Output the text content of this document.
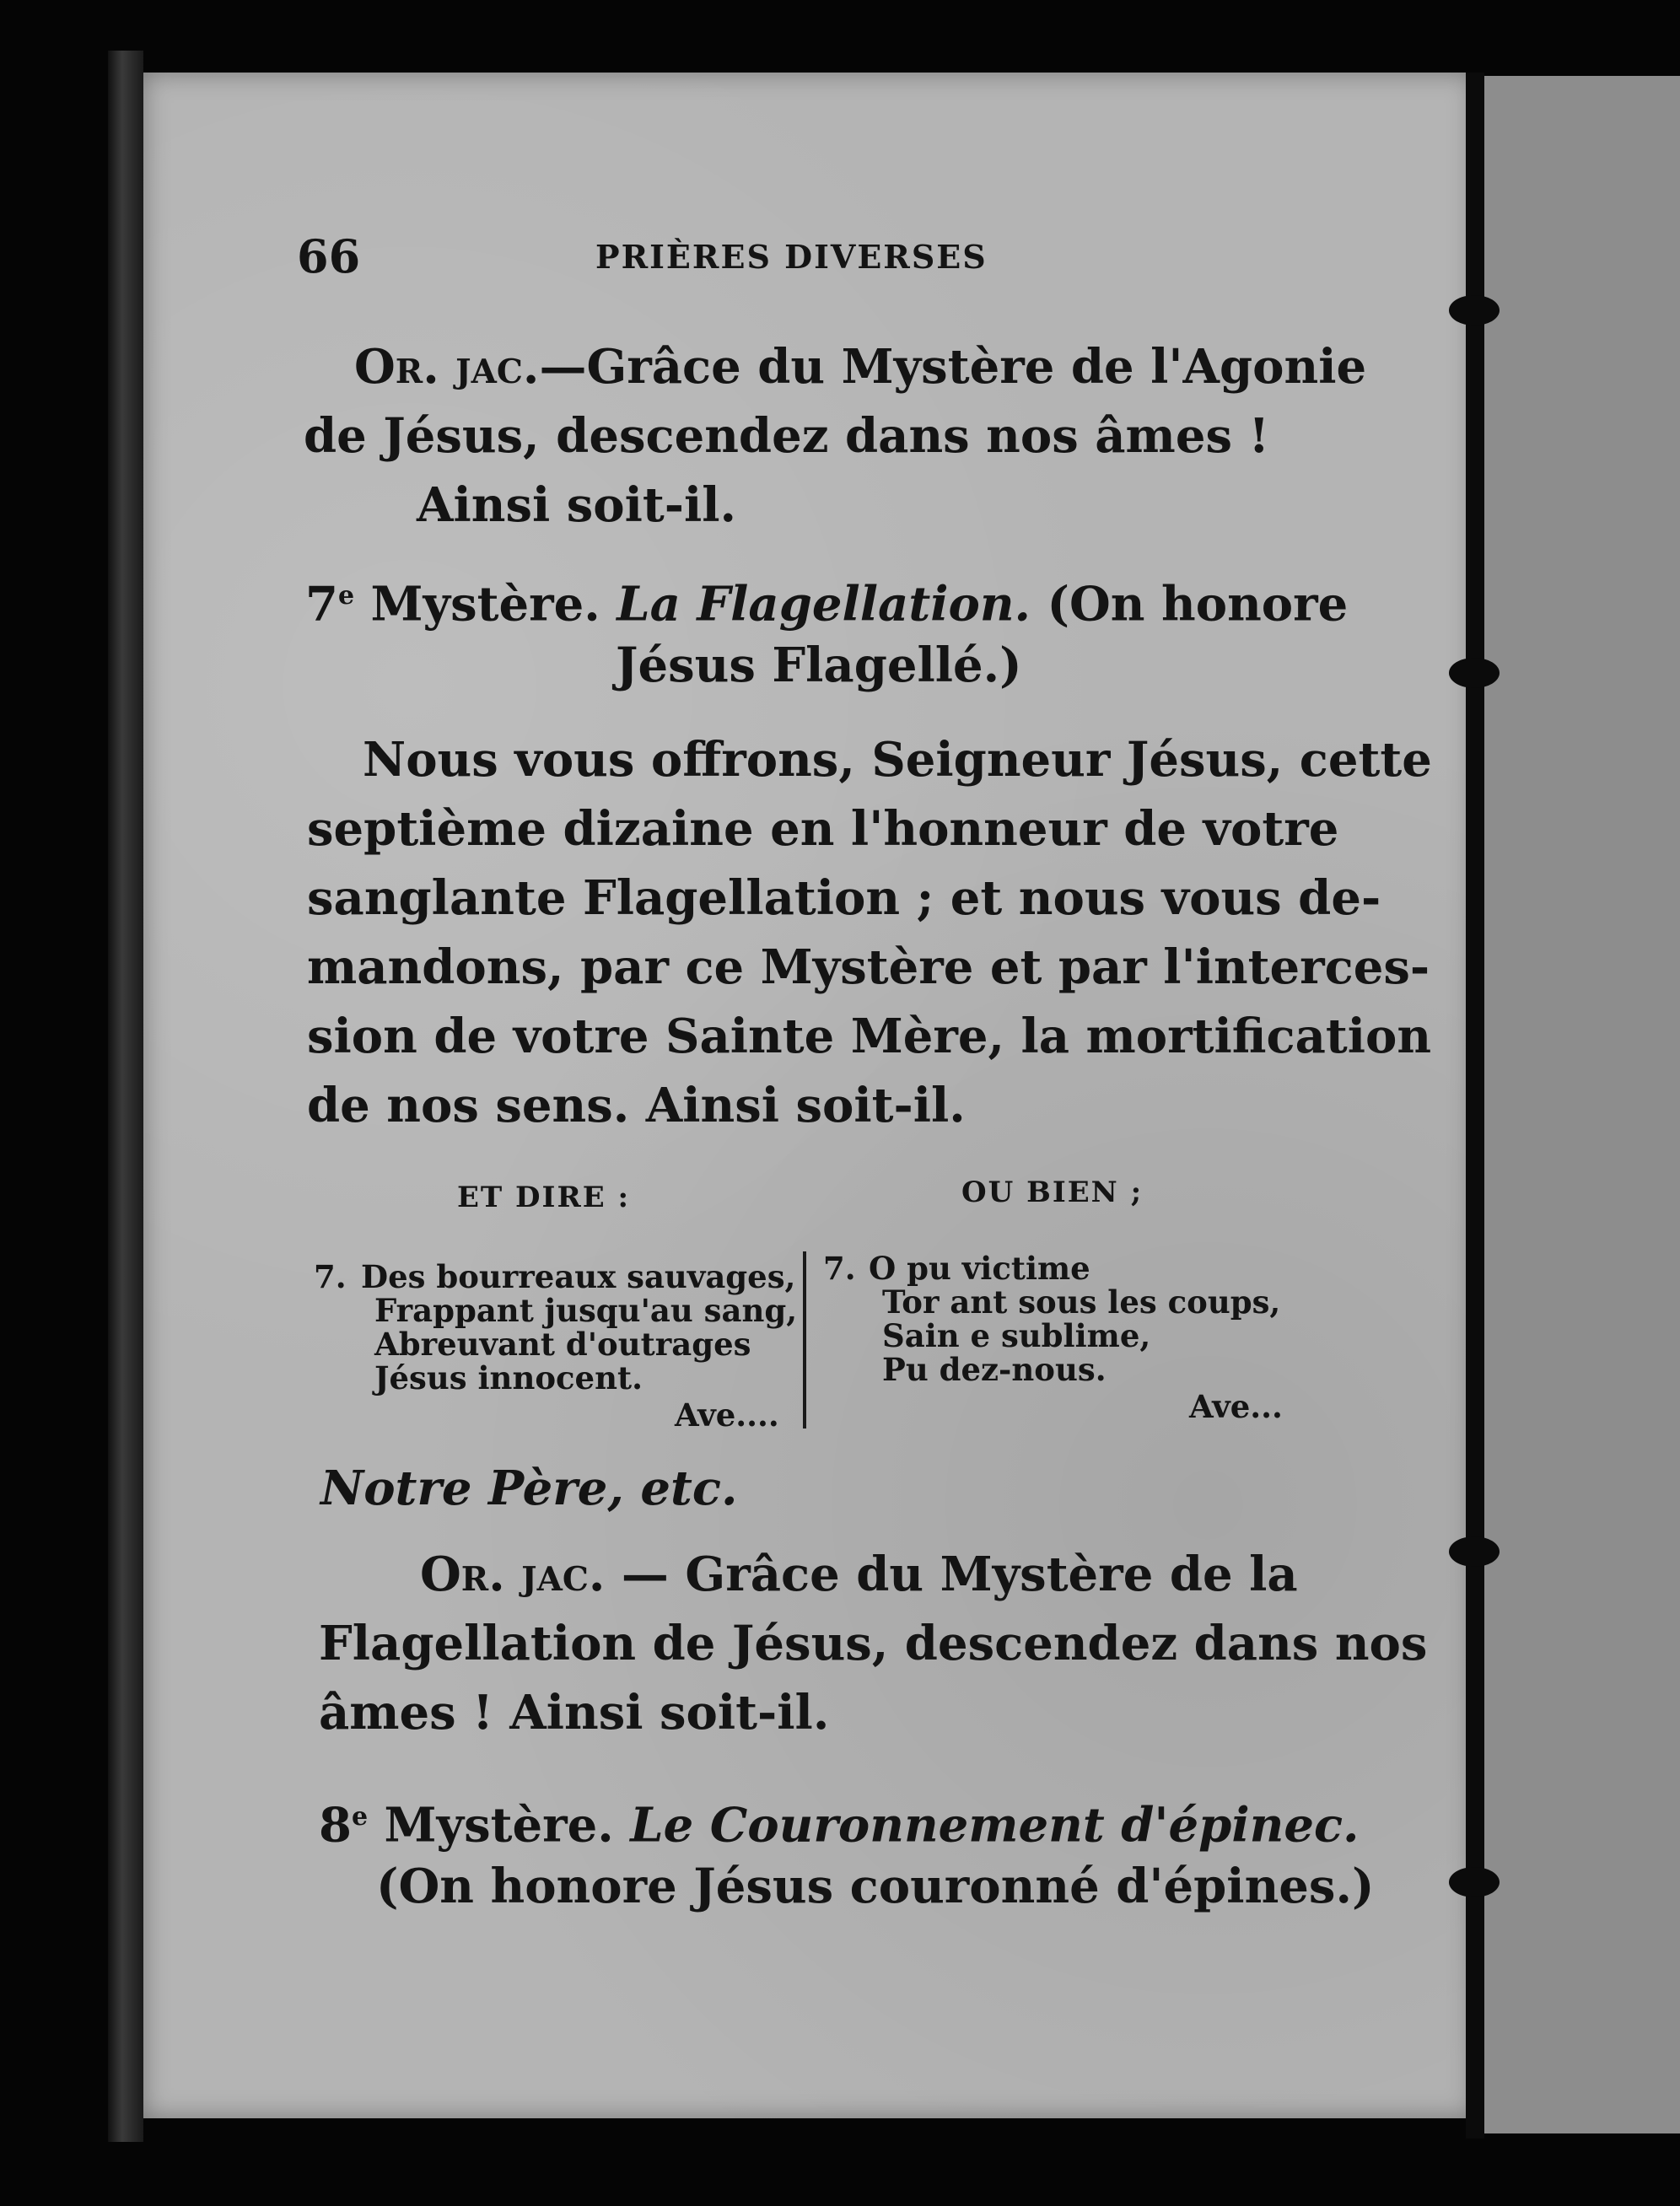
66	PRIÈRES DIVERSES
Or. jac.—Grâce du Mystère de l'Agonie
de Jésus, descendez dans nos âmes !
Ainsi soit-il.
7e Mystère. La Flagellation. (On honore
Jésus Flagellé.)
Nous vous offrons, Seigneur Jésus, cette
septième dizaine en l'honneur de votre
sanglante Flagellation ; et nous vous de-
mandons, par ce Mystère et par l'interces-
sion de votre Sainte Mère, la mortification
de nos sens. Ainsi soit-il.
ET DIRE :	OU BIEN ;
7. Des bourreaux sauvages,
Frappant jusqu'au sang,
Abreuvant d'outrages
Jésus innocent.
Ave....
7. O pu victime
Tor ant sous les coups,
Sain e sublime,
Pu dez-nous.
Ave...
Notre Père, etc.
Or. jac. — Grâce du Mystère de la
Flagellation de Jésus, descendez dans nos
âmes ! Ainsi soit-il.
8e Mystère. Le Couronnement d'épinec.
(On honore Jésus couronné d'épines.)
